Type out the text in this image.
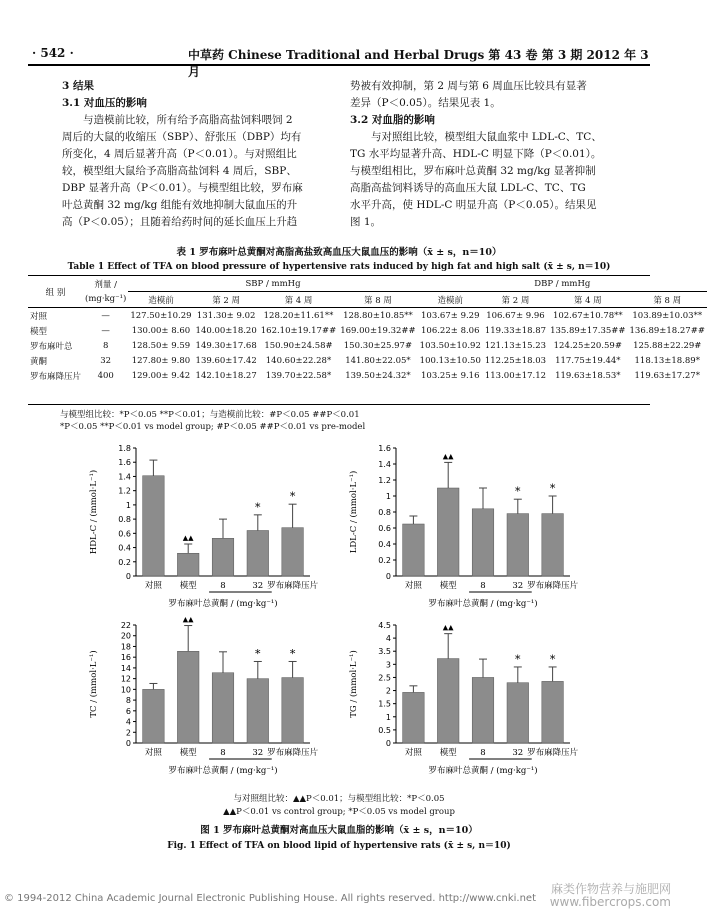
· 542 ·	中草药 Chinese Traditional and Herbal Drugs 第 43 卷 第 3 期 2012 年 3 月
3 结果
3.1 对血压的影响
与造模前比较，所有给予高脂高盐饲料喂饲 2
周后的大鼠的收缩压（SBP）、舒张压（DBP）均有
所变化，4 周后显著升高（P＜0.01）。与对照组比
较，模型组大鼠给予高脂高盐饲料 4 周后，SBP、
DBP 显著升高（P＜0.01）。与模型组比较，罗布麻
叶总黄酮 32 mg/kg 组能有效地抑制大鼠血压的升
高（P＜0.05）；且随着给药时间的延长血压上升趋
势被有效抑制，第 2 周与第 6 周血压比较具有显著
差异（P＜0.05）。结果见表 1。
3.2 对血脂的影响
与对照组比较，模型组大鼠血浆中 LDL-C、TC、
TG 水平均显著升高、HDL-C 明显下降（P＜0.01）。
与模型组相比，罗布麻叶总黄酮 32 mg/kg 显著抑制
高脂高盐饲料诱导的高血压大鼠 LDL-C、TC、TG
水平升高，使 HDL-C 明显升高（P＜0.05）。结果见
图 1。
表 1 罗布麻叶总黄酮对高脂高盐致高血压大鼠血压的影响（x̄ ± s，n＝10）
Table 1 Effect of TFA on blood pressure of hypertensive rats induced by high fat and high salt (x̄ ± s, n＝10)
组 别	剂量 /	SBP / mmHg				DBP / mmHg			
	(mg·kg⁻¹)	造模前	第 2 周	第 4 周	第 8 周	造模前	第 2 周	第 4 周	第 8 周
对照	—	127.50±10.29	131.30± 9.02	128.20±11.61**	128.80±10.85**	103.67± 9.29	106.67± 9.96	102.67±10.78**	103.89±10.03**
模型	—	130.00± 8.60	140.00±18.20	162.10±19.17##	169.00±19.32##	106.22± 8.06	119.33±18.87	135.89±17.35##	136.89±18.27##
罗布麻叶总	8	128.50± 9.59	149.30±17.68	150.90±24.58#	150.30±25.97#	103.50±10.92	121.13±15.23	124.25±20.59#	125.88±22.29#
黄酮	32	127.80± 9.80	139.60±17.42	140.60±22.28*	141.80±22.05*	100.13±10.50	112.25±18.03	117.75±19.44*	118.13±18.89*
罗布麻降压片	400	129.00± 9.42	142.10±18.27	139.70±22.58*	139.50±24.32*	103.25± 9.16	113.00±17.12	119.63±18.53*	119.63±17.27*
与模型组比较：*P＜0.05 **P＜0.01；与造模前比较：#P＜0.05 ##P＜0.01
*P＜0.05 **P＜0.01 vs model group; #P＜0.05 ##P＜0.01 vs pre-model
0
0.2
0.4
0.6
0.8
1
1.2
1.4
1.6
1.8
HDL-C / (mmol·L⁻¹)
对照
▲▲
模型	8
*
32
*
罗布麻降压片
罗布麻叶总黄酮 / (mg·kg⁻¹)
0
0.2
0.4
0.6
0.8
1
1.2
1.4
1.6
LDL-C / (mmol·L⁻¹)
对照
▲▲
模型	8
*
32
*
罗布麻降压片
罗布麻叶总黄酮 / (mg·kg⁻¹)
0
2
4
6
8
10
12
14
16
18
20
22
TC / (mmol·L⁻¹)
对照
▲▲
模型	8
*
32
*
罗布麻降压片
罗布麻叶总黄酮 / (mg·kg⁻¹)
0
0.5
1
1.5
2
2.5
3
3.5
4
4.5
TG / (mmol·L⁻¹)
对照
▲▲
模型	8
*
32
*
罗布麻降压片
罗布麻叶总黄酮 / (mg·kg⁻¹)
与对照组比较：▲▲P＜0.01；与模型组比较：*P＜0.05
▲▲P＜0.01 vs control group; *P＜0.05 vs model group
图 1 罗布麻叶总黄酮对高血压大鼠血脂的影响（x̄ ± s，n＝10）
Fig. 1 Effect of TFA on blood lipid of hypertensive rats (x̄ ± s, n＝10)
© 1994-2012 China Academic Journal Electronic Publishing House. All rights reserved. http://www.cnki.net
麻类作物营养与施肥网
www.fibercrops.com
